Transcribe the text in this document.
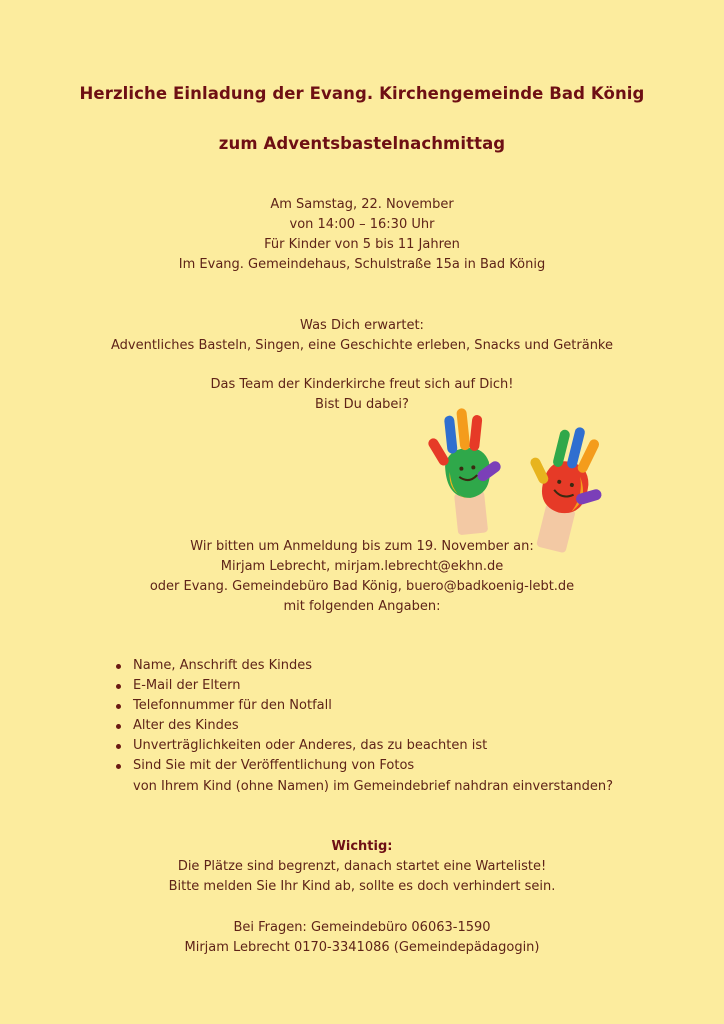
Herzliche Einladung der Evang. Kirchengemeinde Bad König
zum Adventsbastelnachmittag
Am Samstag, 22. November
von 14:00 – 16:30 Uhr
Für Kinder von 5 bis 11 Jahren
Im Evang. Gemeindehaus, Schulstraße 15a in Bad König
Was Dich erwartet:
Adventliches Basteln, Singen, eine Geschichte erleben, Snacks und Getränke
Das Team der Kinderkirche freut sich auf Dich!
Bist Du dabei?
Wir bitten um Anmeldung bis zum 19. November an:
Mirjam Lebrecht, mirjam.lebrecht@ekhn.de
oder Evang. Gemeindebüro Bad König, buero@badkoenig-lebt.de
mit folgenden Angaben:
Name, Anschrift des Kindes
E-Mail der Eltern
Telefonnummer für den Notfall
Alter des Kindes
Unverträglichkeiten oder Anderes, das zu beachten ist
Sind Sie mit der Veröffentlichung von Fotos
von Ihrem Kind (ohne Namen) im Gemeindebrief nahdran einverstanden?
Wichtig:
Die Plätze sind begrenzt, danach startet eine Warteliste!
Bitte melden Sie Ihr Kind ab, sollte es doch verhindert sein.
Bei Fragen: Gemeindebüro 06063-1590
Mirjam Lebrecht 0170-3341086 (Gemeindepädagogin)
